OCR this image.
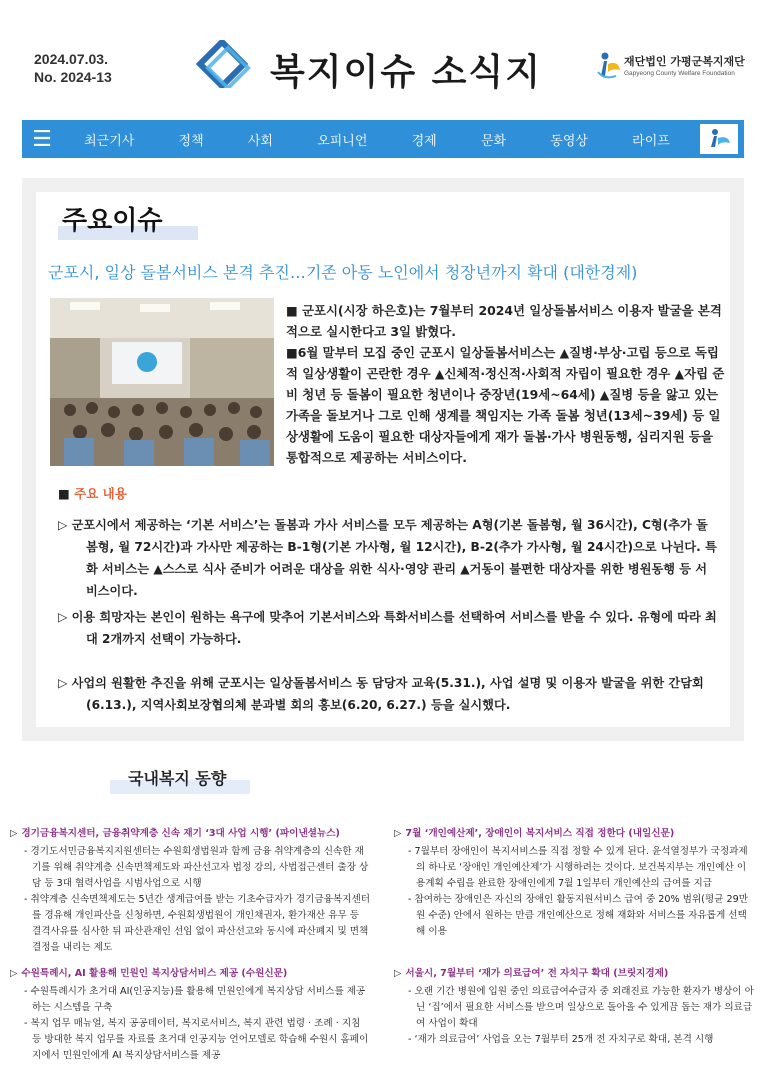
2024.07.03.
No. 2024-13	복지이슈 소식지	재단법인 가평군복지재단
Gapyeong County Welfare Foundation
☰ 최근기사	정책	사회	오피니언	경제	문화	동영상	라이프
주요이슈
군포시, 일상 돌봄서비스 본격 추진…기존 아동 노인에서 청장년까지 확대 (대한경제)

■ 군포시(시장 하은호)는 7월부터 2024년 일상돌봄서비스 이용자 발굴을 본격적으로 실시한다고 3일 밝혔다.

■6월 말부터 모집 중인 군포시 일상돌봄서비스는 ▲질병·부상·고립 등으로 독립적 일상생활이 곤란한 경우 ▲신체적·정신적·사회적 자립이 필요한 경우 ▲자립 준비 청년 등 돌봄이 필요한 청년이나 중장년(19세~64세) ▲질병 등을 앓고 있는 가족을 돌보거나 그로 인해 생계를 책임지는 가족 돌봄 청년(13세~39세) 등 일상생활에 도움이 필요한 대상자들에게 재가 돌봄·가사 병원동행, 심리지원 등을 통합적으로 제공하는 서비스이다.

■ 주요 내용
▷ 군포시에서 제공하는 ‘기본 서비스’는 돌봄과 가사 서비스를 모두 제공하는 A형(기본 돌봄형, 월 36시간), C형(추가 돌봄형, 월 72시간)과 가사만 제공하는 B-1형(기본 가사형, 월 12시간), B-2(추가 가사형, 월 24시간)으로 나뉜다. 특화 서비스는 ▲스스로 식사 준비가 어려운 대상을 위한 식사·영양 관리 ▲거동이 불편한 대상자를 위한 병원동행 등 서비스이다.
▷ 이용 희망자는 본인이 원하는 욕구에 맞추어 기본서비스와 특화서비스를 선택하여 서비스를 받을 수 있다. 유형에 따라 최대 2개까지 선택이 가능하다.
▷ 사업의 원활한 추진을 위해 군포시는 일상돌봄서비스 동 담당자 교육(5.31.), 사업 설명 및 이용자 발굴을 위한 간담회(6.13.), 지역사회보장협의체 분과별 회의 홍보(6.20, 6.27.) 등을 실시했다.
국내복지 동향
▷ 경기금융복지센터, 금융취약계층 신속 재기 ‘3대 사업 시행’ (파이낸셜뉴스)
- 경기도서민금융복지지원센터는 수원회생법원과 함께 금융 취약계층의 신속한 재기를 위해 취약계층 신속면책제도와 파산선고자 법정 강의, 사법접근센터 출장 상담 등 3대 협력사업을 시범사업으로 시행
- 취약계층 신속면책제도는 5년간 생계급여를 받는 기초수급자가 경기금융복지센터를 경유해 개인파산을 신청하면, 수원회생법원이 개인채권자, 환가재산 유무 등 결격사유를 심사한 뒤 파산관재인 선임 없이 파산선고와 동시에 파산폐지 및 면책 결정을 내리는 제도
▷ 수원특례시, AI 활용해 민원인 복지상담서비스 제공 (수원신문)
- 수원특례시가 초거대 AI(인공지능)를 활용해 민원인에게 복지상담 서비스를 제공하는 시스템을 구축
- 복지 업무 매뉴얼, 복지 공공데이터, 복지로서비스, 복지 관련 법령 · 조례 · 지침 등 방대한 복지 업무를 자료를 초거대 인공지능 언어모델로 학습해 수원시 홈페이지에서 민원인에게 AI 복지상담서비스를 제공
▷ 7월 ‘개인예산제’, 장애인이 복지서비스 직접 정한다 (내일신문)
- 7월부터 장애인이 복지서비스를 직접 정할 수 있게 된다. 윤석열정부가 국정과제의 하나로 ‘장애인 개인예산제’가 시행하려는 것이다. 보건복지부는 개인예산 이용계획 수립을 완료한 장애인에게 7월 1일부터 개인예산의 급여를 지급
- 참여하는 장애인은 자신의 장애인 활동지원서비스 급여 중 20% 범위(평균 29만원 수준) 안에서 원하는 만큼 개인예산으로 정해 재화와 서비스를 자유롭게 선택해 이용
▷ 서울시, 7월부터 ‘재가 의료급여’ 전 자치구 확대 (브릿지경제)
- 오랜 기간 병원에 입원 중인 의료급여수급자 중 외래진료 가능한 환자가 병상이 아닌 ‘집’에서 필요한 서비스를 받으며 일상으로 돌아올 수 있게끔 돕는 재가 의료급여 사업이 확대
- ‘재가 의료급여’ 사업을 오는 7월부터 25개 전 자치구로 확대, 본격 시행
